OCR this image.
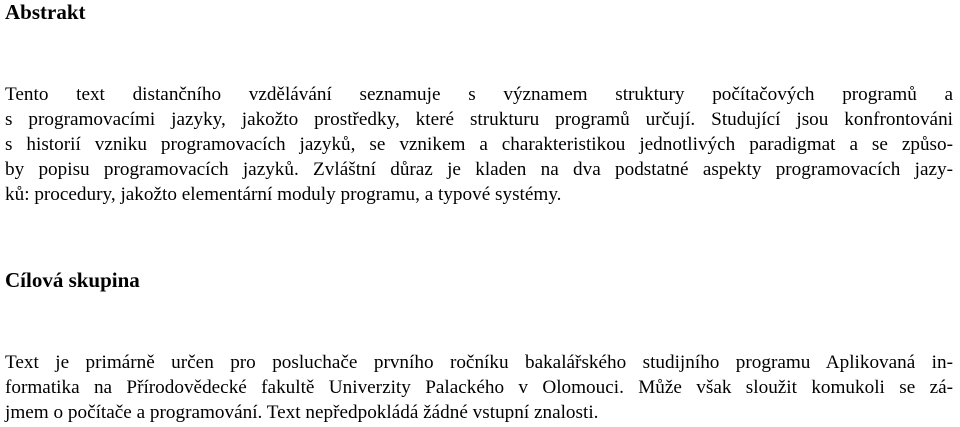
Abstrakt

Tento text distančního vzdělávání seznamuje s významem struktury počítačových programů a
s programovacími jazyky, jakožto prostředky, které strukturu programů určují. Studující jsou konfrontováni
s historií vzniku programovacích jazyků, se vznikem a charakteristikou jednotlivých paradigmat a se způso-
by popisu programovacích jazyků. Zvláštní důraz je kladen na dva podstatné aspekty programovacích jazy-
ků: procedury, jakožto elementární moduly programu, a typové systémy.

Cílová skupina

Text je primárně určen pro posluchače prvního ročníku bakalářského studijního programu Aplikovaná in-
formatika na Přírodovědecké fakultě Univerzity Palackého v Olomouci. Může však sloužit komukoli se zá-
jmem o počítače a programování. Text nepředpokládá žádné vstupní znalosti.
